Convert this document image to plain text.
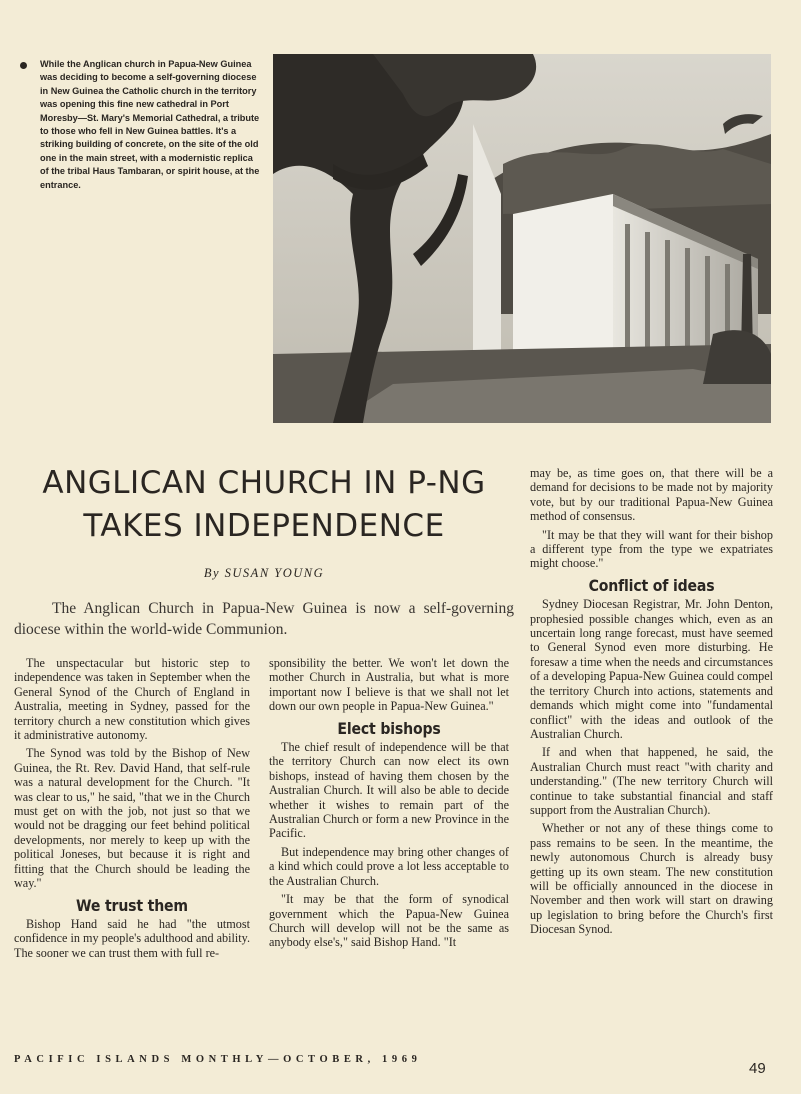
While the Anglican church in Papua-New Guinea was deciding to become a self-governing diocese in New Guinea the Catholic church in the territory was opening this fine new cathedral in Port Moresby—St. Mary's Memorial Cathedral, a tribute to those who fell in New Guinea battles. It's a striking building of concrete, on the site of the old one in the main street, with a modernistic replica of the tribal Haus Tambaran, or spirit house, at the entrance.

ANGLICAN CHURCH IN P-NG
TAKES INDEPENDENCE
By SUSAN YOUNG
The Anglican Church in Papua-New Guinea is now a self-governing diocese within the world-wide Communion.

The unspectacular but historic step to independence was taken in September when the General Synod of the Church of England in Australia, meeting in Sydney, passed for the territory church a new constitution which gives it administrative autonomy.

The Synod was told by the Bishop of New Guinea, the Rt. Rev. David Hand, that self-rule was a natural development for the Church. "It was clear to us," he said, "that we in the Church must get on with the job, not just so that we would not be dragging our feet behind political developments, nor merely to keep up with the political Joneses, but because it is right and fitting that the Church should be leading the way."

We trust them

Bishop Hand said he had "the utmost confidence in my people's adulthood and ability. The sooner we can trust them with full re-

sponsibility the better. We won't let down the mother Church in Australia, but what is more important now I believe is that we shall not let down our own people in Papua-New Guinea."

Elect bishops

The chief result of independence will be that the territory Church can now elect its own bishops, instead of having them chosen by the Australian Church. It will also be able to decide whether it wishes to remain part of the Australian Church or form a new Province in the Pacific.

But independence may bring other changes of a kind which could prove a lot less acceptable to the Australian Church.

"It may be that the form of synodical government which the Papua-New Guinea Church will develop will not be the same as anybody else's," said Bishop Hand. "It

may be, as time goes on, that there will be a demand for decisions to be made not by majority vote, but by our traditional Papua-New Guinea method of consensus.

"It may be that they will want for their bishop a different type from the type we expatriates might choose."

Conflict of ideas

Sydney Diocesan Registrar, Mr. John Denton, prophesied possible changes which, even as an uncertain long range forecast, must have seemed to General Synod even more disturbing. He foresaw a time when the needs and circumstances of a developing Papua-New Guinea could compel the territory Church into actions, statements and demands which might come into "fundamental conflict" with the ideas and outlook of the Australian Church.

If and when that happened, he said, the Australian Church must react "with charity and understanding." (The new territory Church will continue to take substantial financial and staff support from the Australian Church).

Whether or not any of these things come to pass remains to be seen. In the meantime, the newly autonomous Church is already busy getting up its own steam. The new constitution will be officially announced in the diocese in November and then work will start on drawing up legislation to bring before the Church's first Diocesan Synod.

PACIFIC ISLANDS MONTHLY—OCTOBER, 1969
49
